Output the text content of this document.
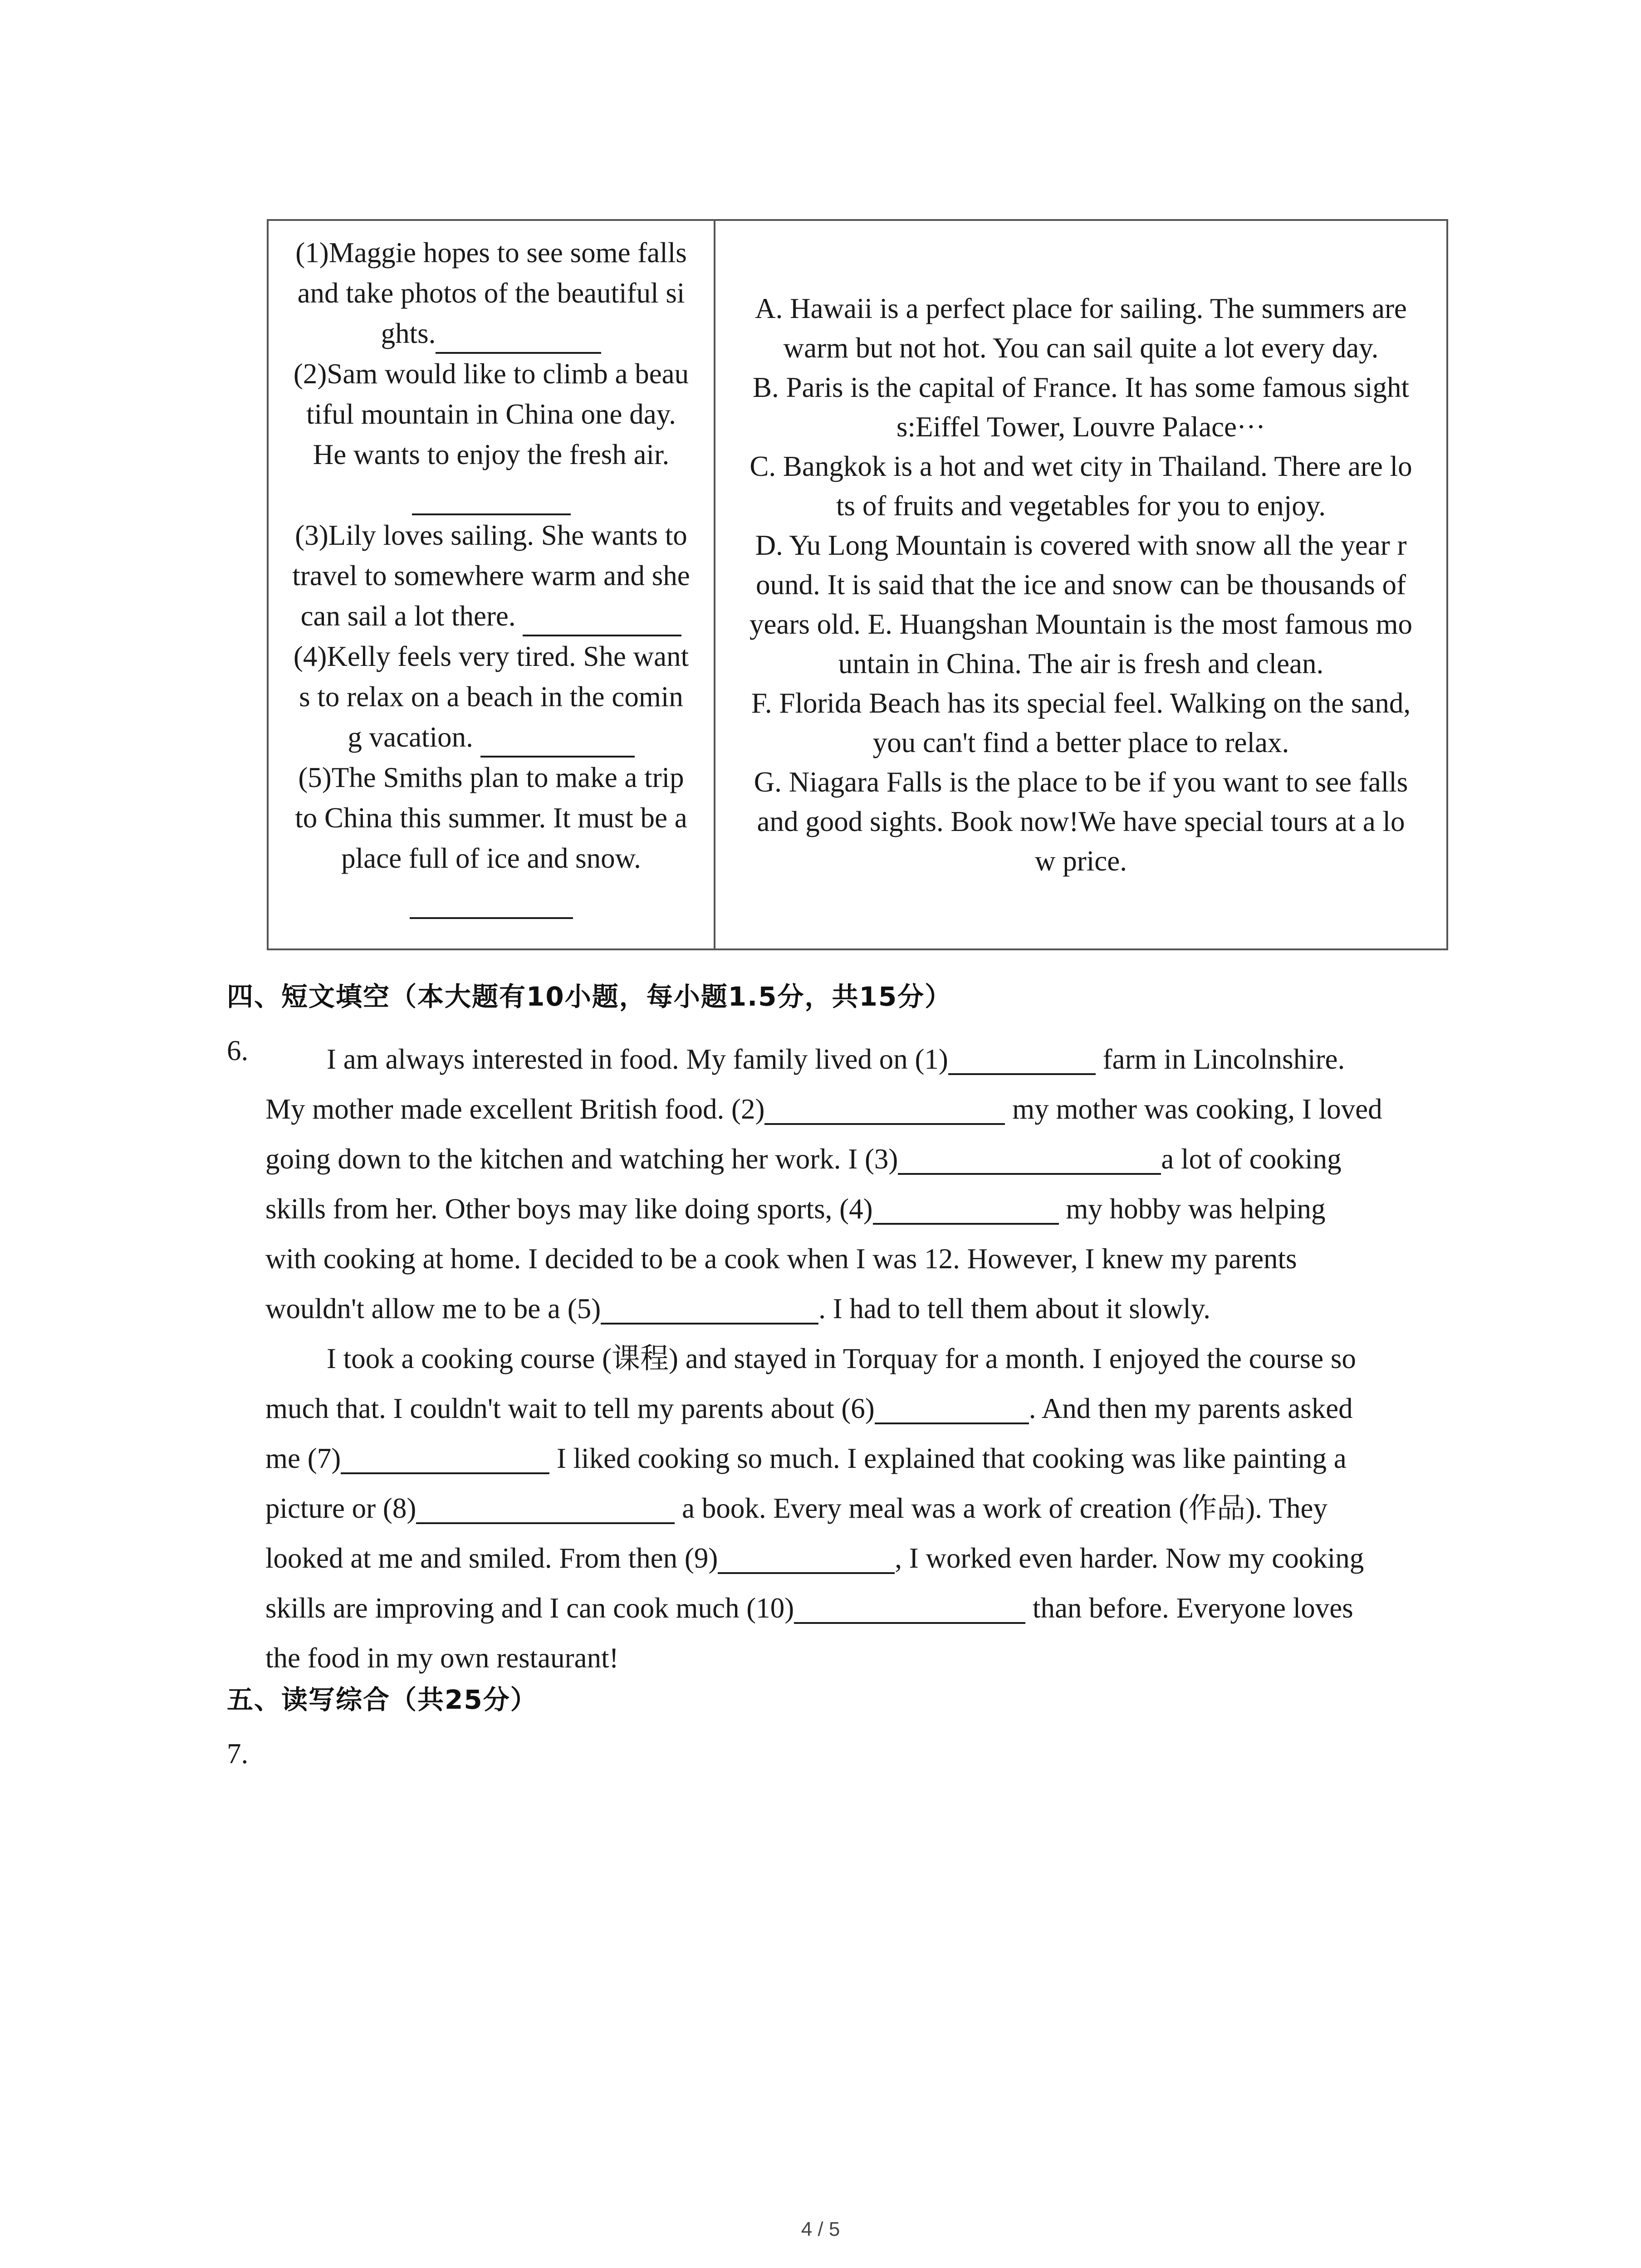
(1)Maggie hopes to see some falls
and take photos of the beautiful si
ghts.
(2)Sam would like to climb a beau
tiful mountain in China one day.
He wants to enjoy the fresh air.
(3)Lily loves sailing. She wants to
travel to somewhere warm and she
can sail a lot there.
(4)Kelly feels very tired. She want
s to relax on a beach in the comin
g vacation.
(5)The Smiths plan to make a trip
to China this summer. It must be a
place full of ice and snow.
A. Hawaii is a perfect place for sailing. The summers are
warm but not hot. You can sail quite a lot every day.
B. Paris is the capital of France. It has some famous sight
s:Eiffel Tower, Louvre Palace···
C. Bangkok is a hot and wet city in Thailand. There are lo
ts of fruits and vegetables for you to enjoy.
D. Yu Long Mountain is covered with snow all the year r
ound. It is said that the ice and snow can be thousands of
years old. E. Huangshan Mountain is the most famous mo
untain in China. The air is fresh and clean.
F. Florida Beach has its special feel. Walking on the sand,
you can't find a better place to relax.
G. Niagara Falls is the place to be if you want to see falls
and good sights. Book now!We have special tours at a lo
w price.
四、短文填空（本大题有10小题，每小题1.5分，共15分）
6.	I am always interested in food. My family lived on (1)	farm in Lincolnshire.
My mother made excellent British food. (2)	my mother was cooking, I loved
going down to the kitchen and watching her work. I (3)	a lot of cooking
skills from her. Other boys may like doing sports, (4)	my hobby was helping
with cooking at home. I decided to be a cook when I was 12. However, I knew my parents
wouldn't allow me to be a (5)	. I had to tell them about it slowly.
I took a cooking course (课程) and stayed in Torquay for a month. I enjoyed the course so
much that. I couldn't wait to tell my parents about (6)	. And then my parents asked
me (7)	I liked cooking so much. I explained that cooking was like painting a
picture or (8)	a book. Every meal was a work of creation (作品). They
looked at me and smiled. From then (9)	, I worked even harder. Now my cooking
skills are improving and I can cook much (10)	than before. Everyone loves
the food in my own restaurant!
五、读写综合（共25分）
7.
4 / 5
